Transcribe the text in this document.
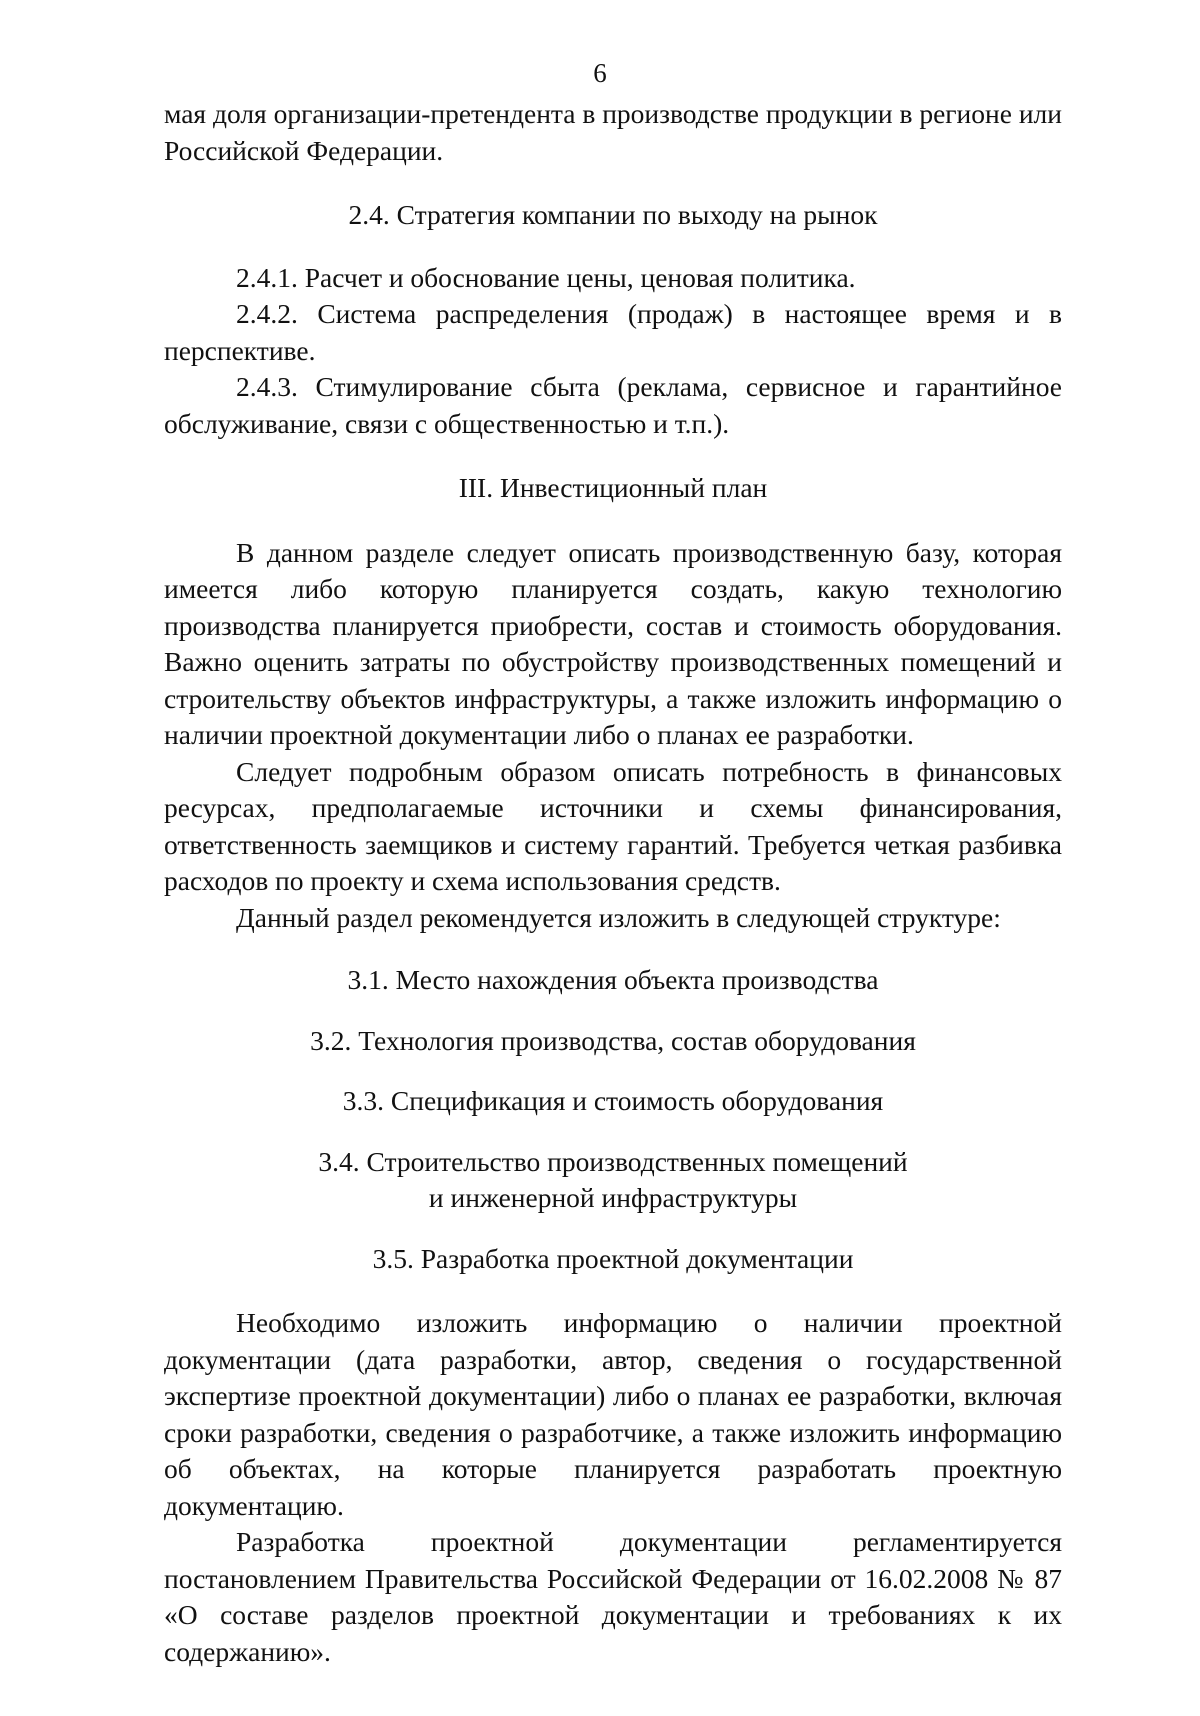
6

мая доля организации-претендента в производстве продукции в регионе или Российской Федерации.

2.4. Стратегия компании по выходу на рынок

2.4.1. Расчет и обоснование цены, ценовая политика.

2.4.2. Система распределения (продаж) в настоящее время и в перспективе.

2.4.3. Стимулирование сбыта (реклама, сервисное и гарантийное обслуживание, связи с общественностью и т.п.).

III. Инвестиционный план

В данном разделе следует описать производственную базу, которая имеется либо которую планируется создать, какую технологию производства планируется приобрести, состав и стоимость оборудования. Важно оценить затраты по обустройству производственных помещений и строительству объектов инфраструктуры, а также изложить информацию о наличии проектной документации либо о планах ее разработки.

Следует подробным образом описать потребность в финансовых ресурсах, предполагаемые источники и схемы финансирования, ответственность заемщиков и систему гарантий. Требуется четкая разбивка расходов по проекту и схема использования средств.

Данный раздел рекомендуется изложить в следующей структуре:

3.1. Место нахождения объекта производства
3.2. Технология производства, состав оборудования
3.3. Спецификация и стоимость оборудования
3.4. Строительство производственных помещений
и инженерной инфраструктуры
3.5. Разработка проектной документации

Необходимо изложить информацию о наличии проектной документации (дата разработки, автор, сведения о государственной экспертизе проектной документации) либо о планах ее разработки, включая сроки разработки, сведения о разработчике, а также изложить информацию об объектах, на которые планируется разработать проектную документацию.

Разработка проектной документации регламентируется постановлением Правительства Российской Федерации от 16.02.2008 № 87 «О составе разделов проектной документации и требованиях к их содержанию».
